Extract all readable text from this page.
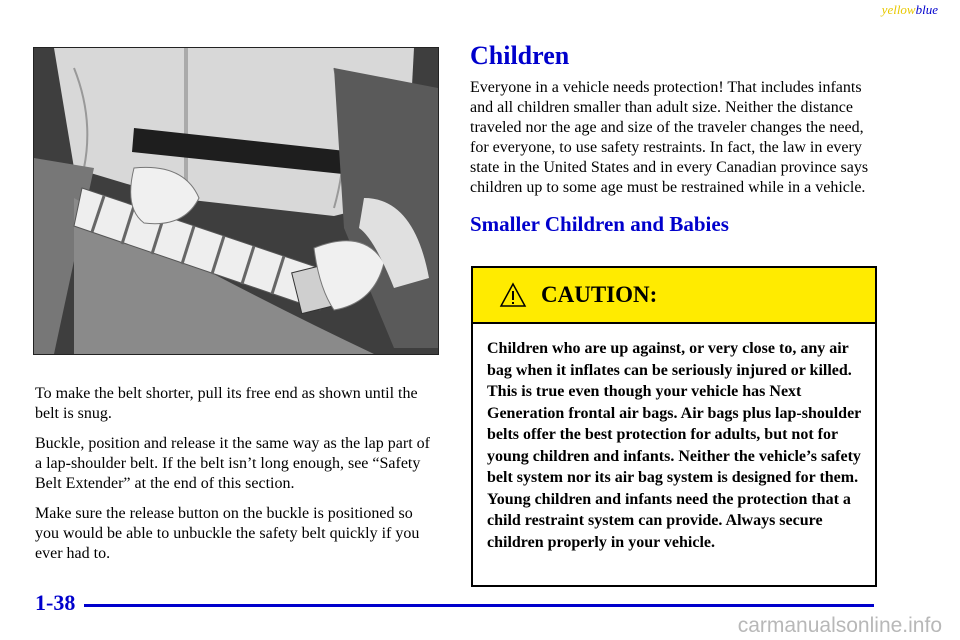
yellowblue

To make the belt shorter, pull its free end as shown until the belt is snug.

Buckle, position and release it the same way as the lap part of a lap-shoulder belt. If the belt isn’t long enough, see “Safety Belt Extender” at the end of this section.

Make sure the release button on the buckle is positioned so you would be able to unbuckle the safety belt quickly if you ever had to.

Children

Everyone in a vehicle needs protection! That includes infants and all children smaller than adult size. Neither the distance traveled nor the age and size of the traveler changes the need, for everyone, to use safety restraints. In fact, the law in every state in the United States and in every Canadian province says children up to some age must be restrained while in a vehicle.

Smaller Children and Babies
CAUTION:
Children who are up against, or very close to, any air bag when it inflates can be seriously injured or killed. This is true even though your vehicle has Next Generation frontal air bags. Air bags plus lap-shoulder belts offer the best protection for adults, but not for young children and infants. Neither the vehicle’s safety belt system nor its air bag system is designed for them. Young children and infants need the protection that a child restraint system can provide. Always secure children properly in your vehicle.
1-38
carmanualsonline.info
